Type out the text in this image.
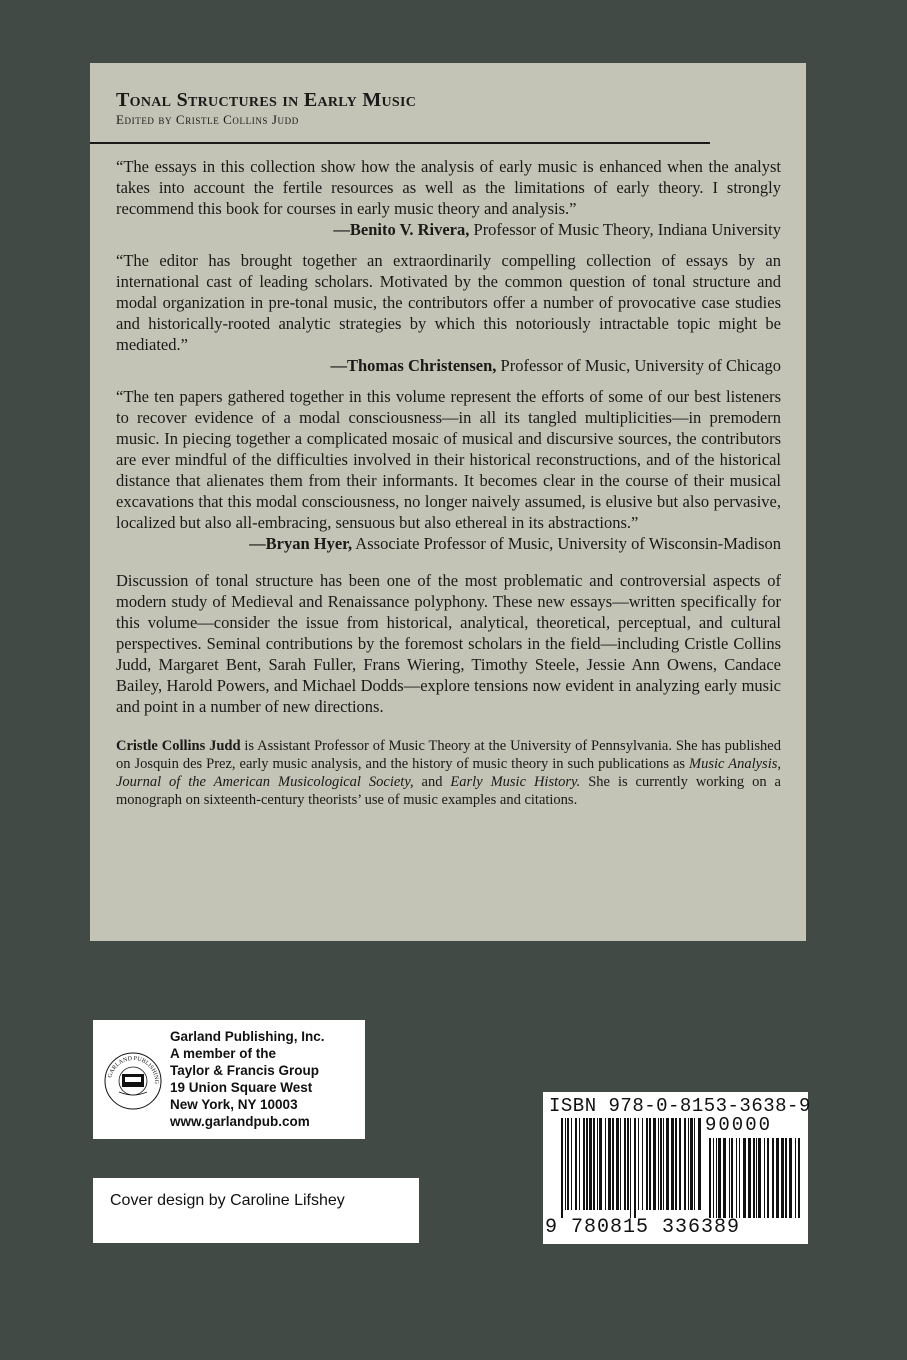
Tonal Structures in Early Music
Edited by Cristle Collins Judd
“The essays in this collection show how the analysis of early music is enhanced when the analyst takes into account the fertile resources as well as the limitations of early theory. I strongly recommend this book for courses in early music theory and analysis.”
—Benito V. Rivera, Professor of Music Theory, Indiana University
“The editor has brought together an extraordinarily compelling collection of essays by an international cast of leading scholars. Motivated by the common question of tonal structure and modal organization in pre-tonal music, the contributors offer a number of provocative case studies and historically-rooted analytic strategies by which this notoriously intractable topic might be mediated.”
—Thomas Christensen, Professor of Music, University of Chicago
“The ten papers gathered together in this volume represent the efforts of some of our best listeners to recover evidence of a modal consciousness—in all its tangled multiplicities—in premodern music. In piecing together a complicated mosaic of musical and discursive sources, the contributors are ever mindful of the difficulties involved in their historical reconstructions, and of the historical distance that alienates them from their informants. It becomes clear in the course of their musical excavations that this modal consciousness, no longer naively assumed, is elusive but also pervasive, localized but also all-embracing, sensuous but also ethereal in its abstractions.”
—Bryan Hyer, Associate Professor of Music, University of Wisconsin-Madison
Discussion of tonal structure has been one of the most problematic and controversial aspects of modern study of Medieval and Renaissance polyphony. These new essays—written specifically for this volume—consider the issue from historical, analytical, theoretical, perceptual, and cultural perspectives. Seminal contributions by the foremost scholars in the field—including Cristle Collins Judd, Margaret Bent, Sarah Fuller, Frans Wiering, Timothy Steele, Jessie Ann Owens, Candace Bailey, Harold Powers, and Michael Dodds—explore tensions now evident in analyzing early music and point in a number of new directions.
Cristle Collins Judd is Assistant Professor of Music Theory at the University of Pennsylvania. She has published on Josquin des Prez, early music analysis, and the history of music theory in such publications as Music Analysis, Journal of the American Musicological Society, and Early Music History. She is currently working on a monograph on sixteenth-century theorists’ use of music examples and citations.
GARLAND PUBLISHING
Garland Publishing, Inc.
A member of the
Taylor & Francis Group
19 Union Square West
New York, NY 10003
www.garlandpub.com
Cover design by Caroline Lifshey
ISBN 978-0-8153-3638-9
90000
9 780815 336389
